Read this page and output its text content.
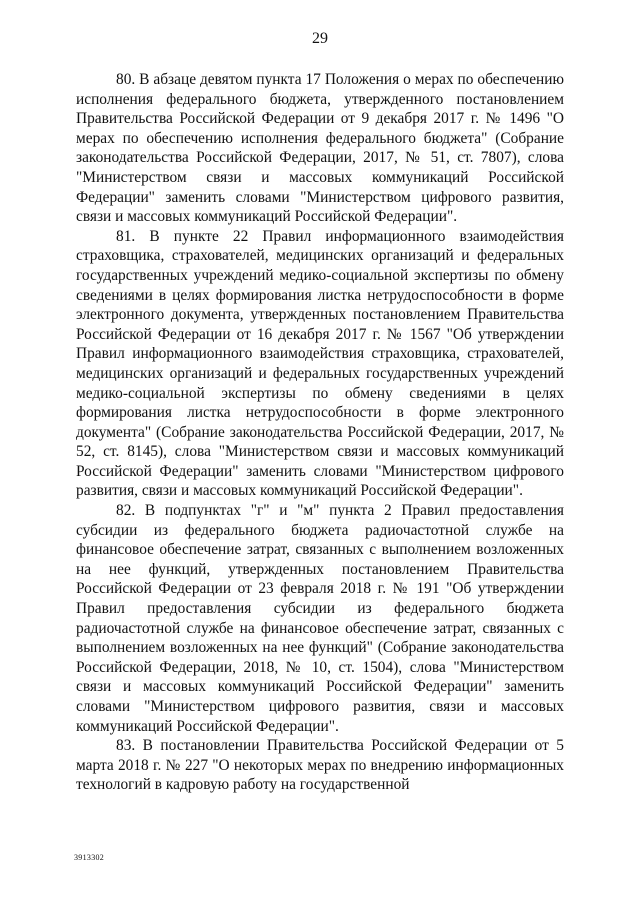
29

80. В абзаце девятом пункта 17 Положения о мерах по обеспечению исполнения федерального бюджета, утвержденного постановлением Правительства Российской Федерации от 9 декабря 2017 г. № 1496 "О мерах по обеспечению исполнения федерального бюджета" (Собрание законодательства Российской Федерации, 2017, № 51, ст. 7807), слова "Министерством связи и массовых коммуникаций Российской Федерации" заменить словами "Министерством цифрового развития, связи и массовых коммуникаций Российской Федерации".

81. В пункте 22 Правил информационного взаимодействия страховщика, страхователей, медицинских организаций и федеральных государственных учреждений медико-социальной экспертизы по обмену сведениями в целях формирования листка нетрудоспособности в форме электронного документа, утвержденных постановлением Правительства Российской Федерации от 16 декабря 2017 г. № 1567 "Об утверждении Правил информационного взаимодействия страховщика, страхователей, медицинских организаций и федеральных государственных учреждений медико-социальной экспертизы по обмену сведениями в целях формирования листка нетрудоспособности в форме электронного документа" (Собрание законодательства Российской Федерации, 2017, № 52, ст. 8145), слова "Министерством связи и массовых коммуникаций Российской Федерации" заменить словами "Министерством цифрового развития, связи и массовых коммуникаций Российской Федерации".

82. В подпунктах "г" и "м" пункта 2 Правил предоставления субсидии из федерального бюджета радиочастотной службе на финансовое обеспечение затрат, связанных с выполнением возложенных на нее функций, утвержденных постановлением Правительства Российской Федерации от 23 февраля 2018 г. № 191 "Об утверждении Правил предоставления субсидии из федерального бюджета радиочастотной службе на финансовое обеспечение затрат, связанных с выполнением возложенных на нее функций" (Собрание законодательства Российской Федерации, 2018, № 10, ст. 1504), слова "Министерством связи и массовых коммуникаций Российской Федерации" заменить словами "Министерством цифрового развития, связи и массовых коммуникаций Российской Федерации".

83. В постановлении Правительства Российской Федерации от 5 марта 2018 г. № 227 "О некоторых мерах по внедрению информационных технологий в кадровую работу на государственной

3913302
